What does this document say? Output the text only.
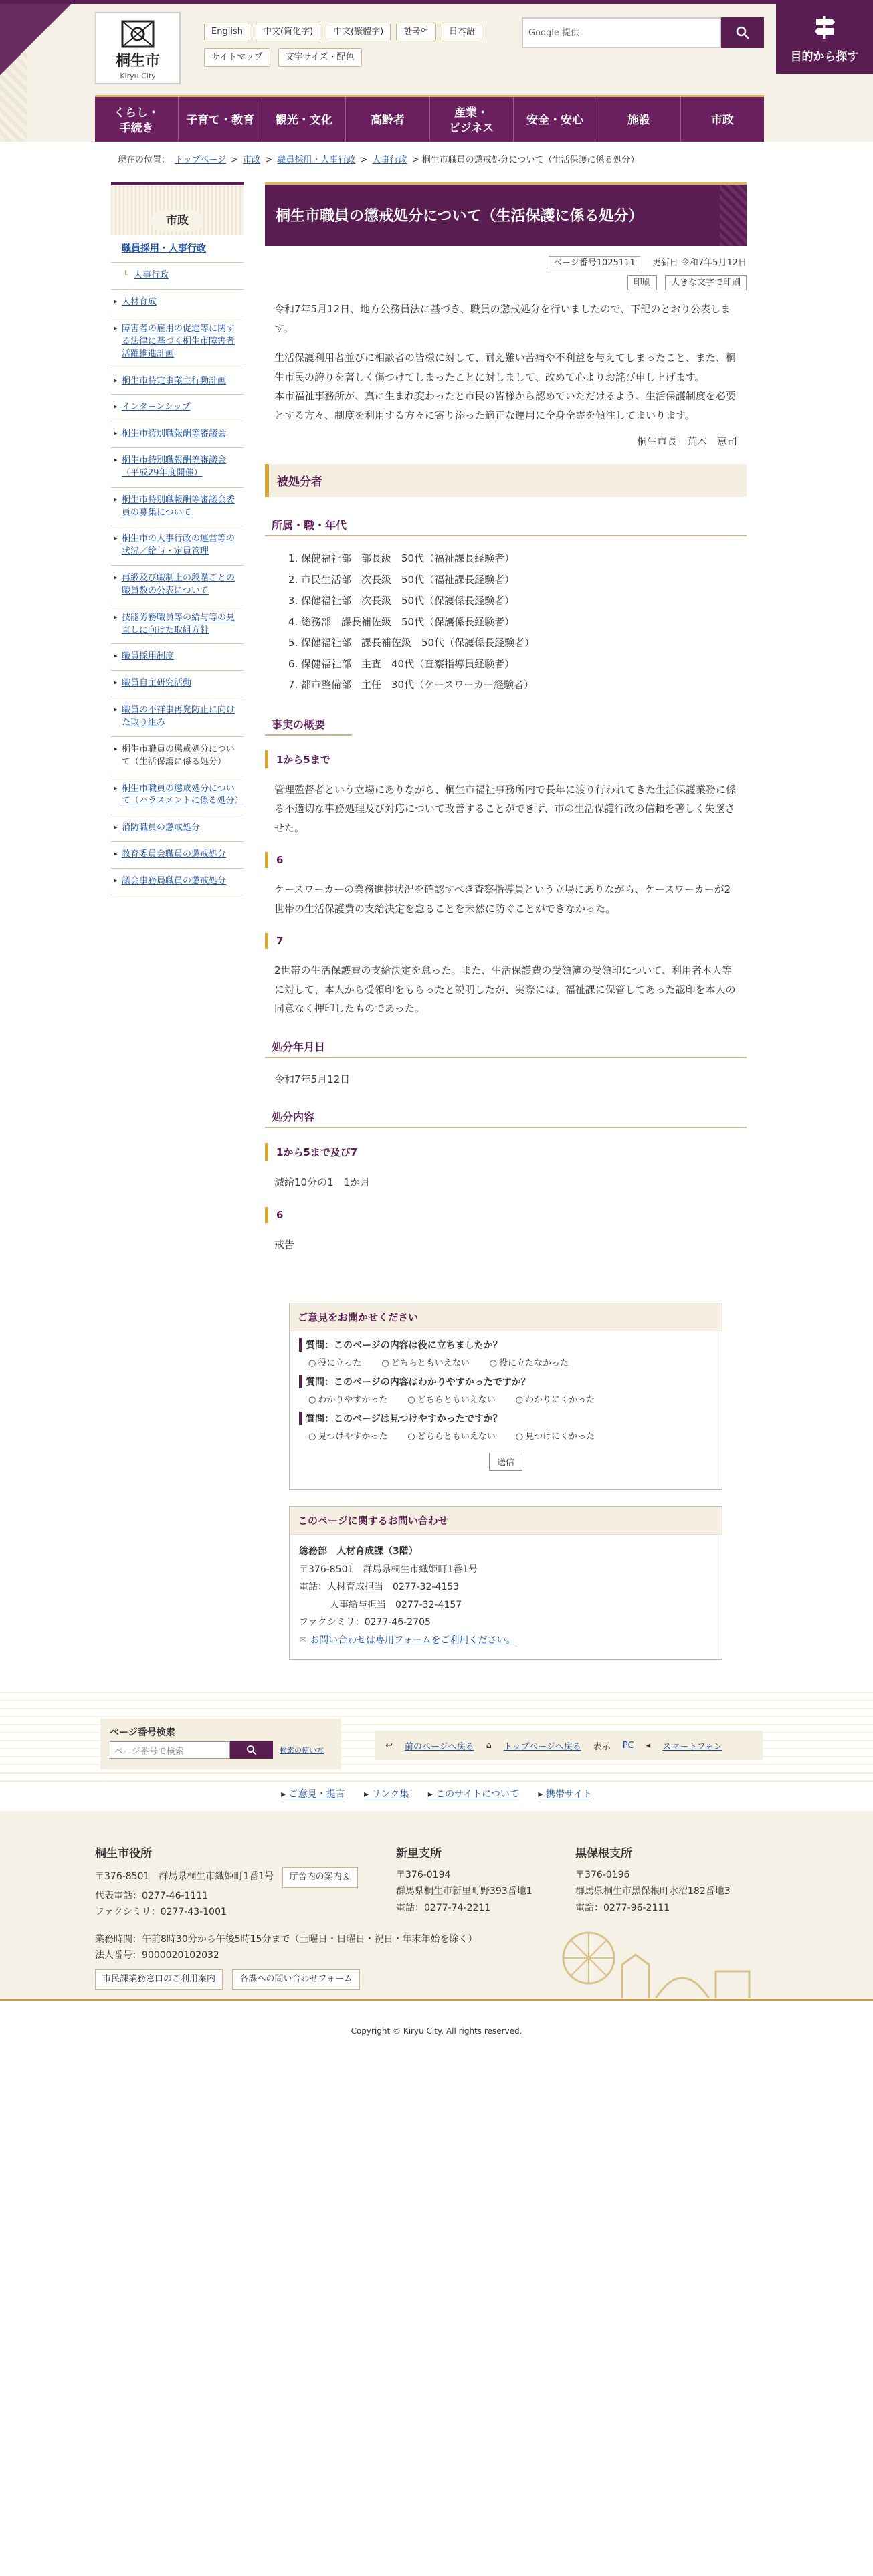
桐生市
Kiryu City
English	中文(简化字)	中文(繁體字)	한국어	日本語
サイトマップ	文字サイズ・配色
Google 提供
目的から探す
くらし・
手続き
子育て・教育	観光・文化	高齢者
産業・
ビジネス
安全・安心	施設	市政
現在の位置： トップページ > 市政 > 職員採用・人事行政 > 人事行政 > 桐生市職員の懲戒処分について（生活保護に係る処分）
市政
職員採用・人事行政
└ 人事行政
▸ 人材育成
▸ 障害者の雇用の促進等に関する法律に基づく桐生市障害者活躍推進計画
▸ 桐生市特定事業主行動計画
▸ インターンシップ
▸ 桐生市特別職報酬等審議会
▸ 桐生市特別職報酬等審議会（平成29年度開催）
▸ 桐生市特別職報酬等審議会委員の募集について
▸ 桐生市の人事行政の運営等の状況／給与・定員管理
▸ 再級及び職制上の段階ごとの職員数の公表について
▸ 技能労務職員等の給与等の見直しに向けた取組方針
▸ 職員採用制度
▸ 職員自主研究活動
▸ 職員の不祥事再発防止に向けた取り組み
▸ 桐生市職員の懲戒処分について（生活保護に係る処分）
▸ 桐生市職員の懲戒処分について（ハラスメントに係る処分）
▸ 消防職員の懲戒処分
▸ 教育委員会職員の懲戒処分
▸ 議会事務局職員の懲戒処分
桐生市職員の懲戒処分について（生活保護に係る処分）
ページ番号1025111 更新日 令和7年5月12日
印刷 大きな文字で印刷

令和7年5月12日、地方公務員法に基づき、職員の懲戒処分を行いましたので、下記のとおり公表します。

生活保護利用者並びに相談者の皆様に対して、耐え難い苦痛や不利益を与えてしまったこと、また、桐生市民の誇りを著しく傷つけてしまったことに対しまして、改めて心よりお詫び申し上げます。

本市福祉事務所が、真に生まれ変わったと市民の皆様から認めていただけるよう、生活保護制度を必要とする方々、制度を利用する方々に寄り添った適正な運用に全身全霊を傾注してまいります。

桐生市長　荒木　恵司

被処分者
所属・職・年代
1. 保健福祉部　部長級　50代（福祉課長経験者）
2. 市民生活部　次長級　50代（福祉課長経験者）
3. 保健福祉部　次長級　50代（保護係長経験者）
4. 総務部　課長補佐級　50代（保護係長経験者）
5. 保健福祉部　課長補佐級　50代（保護係長経験者）
6. 保健福祉部　主査　40代（査察指導員経験者）
7. 都市整備部　主任　30代（ケースワーカー経験者）
事実の概要
1から5まで

管理監督者という立場にありながら、桐生市福祉事務所内で長年に渡り行われてきた生活保護業務に係る不適切な事務処理及び対応について改善することができず、市の生活保護行政の信頼を著しく失墜させた。

6

ケースワーカーの業務進捗状況を確認すべき査察指導員という立場にありながら、ケースワーカーが2世帯の生活保護費の支給決定を怠ることを未然に防ぐことができなかった。

7

2世帯の生活保護費の支給決定を怠った。また、生活保護費の受領簿の受領印について、利用者本人等に対して、本人から受領印をもらったと説明したが、実際には、福祉課に保管してあった認印を本人の同意なく押印したものであった。

処分年月日

令和7年5月12日

処分内容
1から5まで及び7

減給10分の1　1か月

6

戒告

ご意見をお聞かせください
質問：このページの内容は役に立ちましたか？
○ 役に立った	○ どちらともいえない	○ 役に立たなかった
質問：このページの内容はわかりやすかったですか？
○ わかりやすかった	○ どちらともいえない	○ わかりにくかった
質問：このページは見つけやすかったですか？
○ 見つけやすかった	○ どちらともいえない	○ 見つけにくかった
送信
このページに関するお問い合わせ
総務部　人材育成課（3階）
〒376-8501　群馬県桐生市織姫町1番1号
電話：人材育成担当　0277-32-4153
人事給与担当　0277-32-4157
ファクシミリ：0277-46-2705
✉ お問い合わせは専用フォームをご利用ください。
ページ番号検索
ページ番号で検索	検索の使い方	↩ 前のページへ戻る ⌂ トップページへ戻る 表示 PC ◂ スマートフォン
▸ ご意見・提言	▸ リンク集	▸ このサイトについて	▸ 携帯サイト
桐生市役所
〒376-8501　群馬県桐生市織姫町1番1号 庁舎内の案内図
代表電話：0277-46-1111
ファクシミリ：0277-43-1001
業務時間：午前8時30分から午後5時15分まで（土曜日・日曜日・祝日・年末年始を除く）
法人番号：9000020102032
市民課業務窓口のご利用案内	各課への問い合わせフォーム
新里支所
〒376-0194
群馬県桐生市新里町野393番地1
電話：0277-74-2211
黒保根支所
〒376-0196
群馬県桐生市黒保根町水沼182番地3
電話：0277-96-2111
Copyright © Kiryu City. All rights reserved.
